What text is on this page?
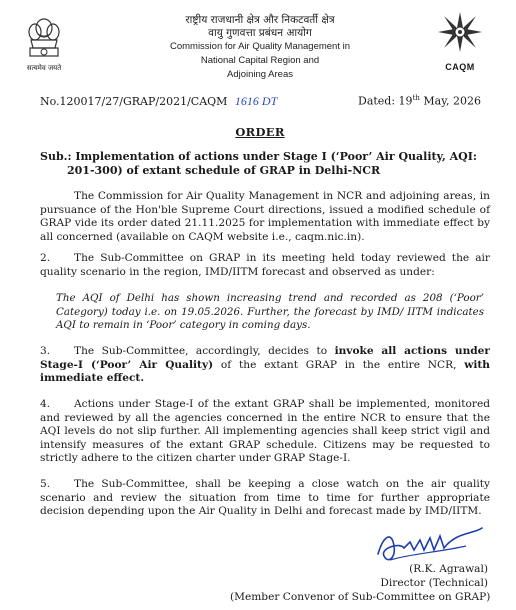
सत्यमेव जयते
राष्ट्रीय राजधानी क्षेत्र और निकटवर्ती क्षेत्र
वायु गुणवत्ता प्रबंधन आयोग
Commission for Air Quality Management in
National Capital Region and
Adjoining Areas
CAQM
No.120017/27/GRAP/2021/CAQM 1616 DT	Dated: 19th May, 2026
ORDER
Sub.: Implementation of actions under Stage I (‘Poor’ Air Quality, AQI:
201-300) of extant schedule of GRAP in Delhi-NCR
The Commission for Air Quality Management in NCR and adjoining areas, in pursuance of the Hon'ble Supreme Court directions, issued a modified schedule of GRAP vide its order dated 21.11.2025 for implementation with immediate effect by all concerned (available on CAQM website i.e., caqm.nic.in).
2. The Sub-Committee on GRAP in its meeting held today reviewed the air quality scenario in the region, IMD/IITM forecast and observed as under:
The AQI of Delhi has shown increasing trend and recorded as 208 (‘Poor’ Category) today i.e. on 19.05.2026. Further, the forecast by IMD/ IITM indicates AQI to remain in ‘Poor’ category in coming days.
3. The Sub-Committee, accordingly, decides to invoke all actions under Stage-I (‘Poor’ Air Quality) of the extant GRAP in the entire NCR, with immediate effect.
4. Actions under Stage-I of the extant GRAP shall be implemented, monitored and reviewed by all the agencies concerned in the entire NCR to ensure that the AQI levels do not slip further. All implementing agencies shall keep strict vigil and intensify measures of the extant GRAP schedule. Citizens may be requested to strictly adhere to the citizen charter under GRAP Stage-I.
5. The Sub-Committee, shall be keeping a close watch on the air quality scenario and review the situation from time to time for further appropriate decision depending upon the Air Quality in Delhi and forecast made by IMD/IITM.
(R.K. Agrawal)
Director (Technical)
(Member Convenor of Sub-Committee on GRAP)
